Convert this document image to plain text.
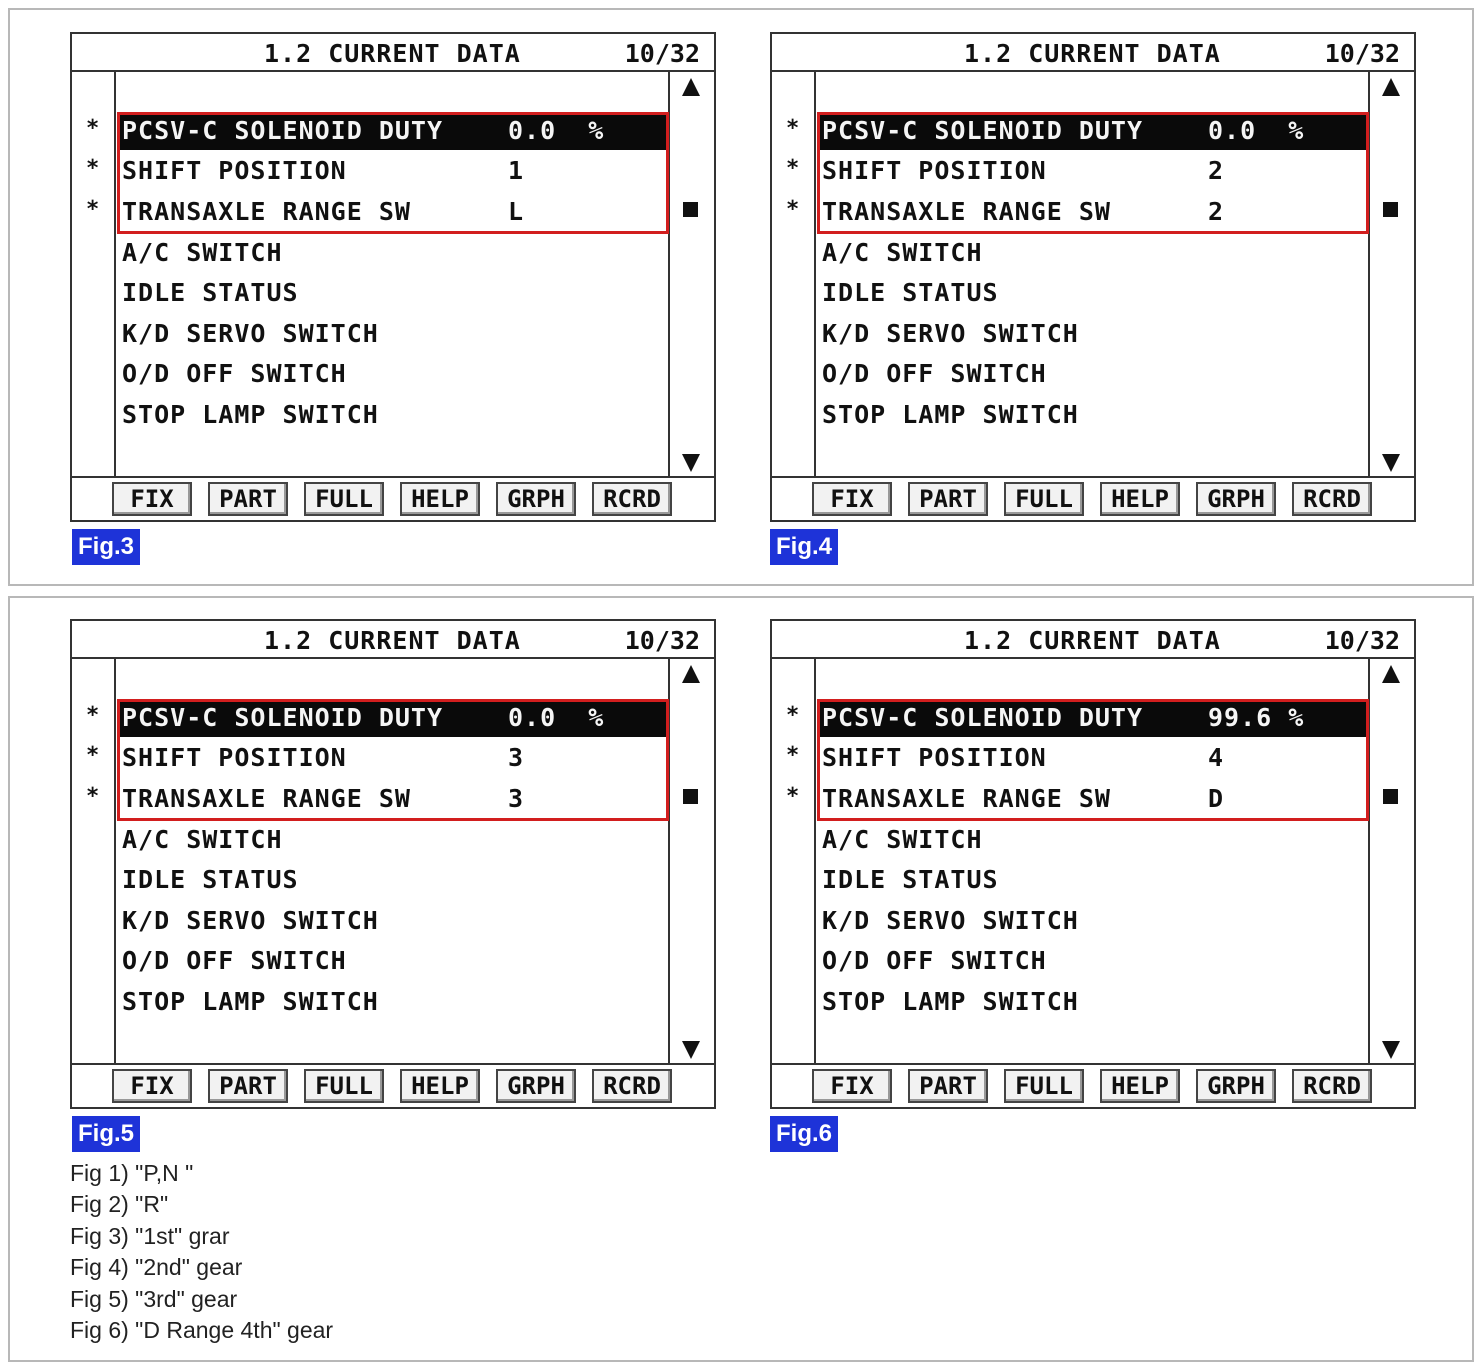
1.2 CURRENT DATA	10/32
* PCSV-C SOLENOID DUTY	0.0  %
* SHIFT POSITION	1
* TRANSAXLE RANGE SW	L
A/C SWITCH
IDLE STATUS
K/D SERVO SWITCH
O/D OFF SWITCH
STOP LAMP SWITCH
FIX	PART	FULL	HELP	GRPH	RCRD
Fig.3
1.2 CURRENT DATA	10/32
* PCSV-C SOLENOID DUTY	0.0  %
* SHIFT POSITION	2
* TRANSAXLE RANGE SW	2
A/C SWITCH
IDLE STATUS
K/D SERVO SWITCH
O/D OFF SWITCH
STOP LAMP SWITCH
FIX	PART	FULL	HELP	GRPH	RCRD
Fig.4
1.2 CURRENT DATA	10/32
* PCSV-C SOLENOID DUTY	0.0  %
* SHIFT POSITION	3
* TRANSAXLE RANGE SW	3
A/C SWITCH
IDLE STATUS
K/D SERVO SWITCH
O/D OFF SWITCH
STOP LAMP SWITCH
FIX	PART	FULL	HELP	GRPH	RCRD
Fig.5
1.2 CURRENT DATA	10/32
* PCSV-C SOLENOID DUTY	99.6 %
* SHIFT POSITION	4
* TRANSAXLE RANGE SW	D
A/C SWITCH
IDLE STATUS
K/D SERVO SWITCH
O/D OFF SWITCH
STOP LAMP SWITCH
FIX	PART	FULL	HELP	GRPH	RCRD
Fig.6
Fig 1) "P,N "
Fig 2) "R"
Fig 3) "1st" grar
Fig 4) "2nd" gear
Fig 5) "3rd" gear
Fig 6) "D Range 4th" gear
